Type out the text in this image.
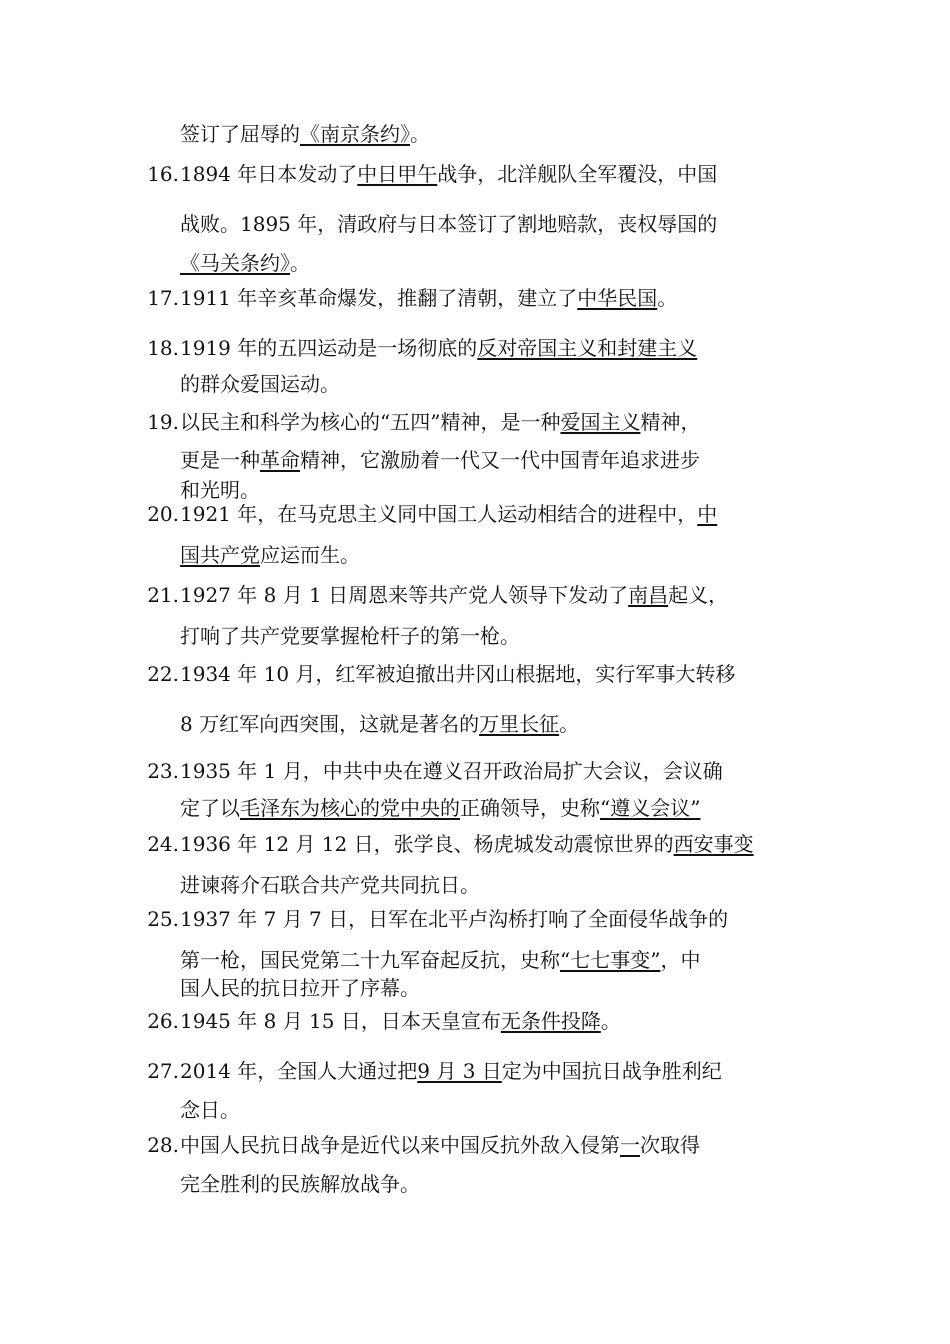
签订了屈辱的《南京条约》。
16. 1894 年日本发动了中日甲午战争，北洋舰队全军覆没，中国
战败。1895 年，清政府与日本签订了割地赔款，丧权辱国的
《马关条约》。
17. 1911 年辛亥革命爆发，推翻了清朝，建立了中华民国。
18. 1919 年的五四运动是一场彻底的反对帝国主义和封建主义
的群众爱国运动。
19. 以民主和科学为核心的“五四”精神，是一种爱国主义精神，
更是一种革命精神，它激励着一代又一代中国青年追求进步
和光明。
20. 1921 年，在马克思主义同中国工人运动相结合的进程中，中
国共产党应运而生。
21. 1927 年 8 月 1 日周恩来等共产党人领导下发动了南昌起义，
打响了共产党要掌握枪杆子的第一枪。
22. 1934 年 10 月，红军被迫撤出井冈山根据地，实行军事大转移
8 万红军向西突围，这就是著名的万里长征。
23. 1935 年 1 月，中共中央在遵义召开政治局扩大会议，会议确
定了以毛泽东为核心的党中央的正确领导，史称“遵义会议”
24. 1936 年 12 月 12 日，张学良、杨虎城发动震惊世界的西安事变
进谏蒋介石联合共产党共同抗日。
25. 1937 年 7 月 7 日，日军在北平卢沟桥打响了全面侵华战争的
第一枪，国民党第二十九军奋起反抗，史称“七七事变”，中
国人民的抗日拉开了序幕。
26. 1945 年 8 月 15 日，日本天皇宣布无条件投降。
27. 2014 年，全国人大通过把9 月 3 日定为中国抗日战争胜利纪
念日。
28. 中国人民抗日战争是近代以来中国反抗外敌入侵第一次取得
完全胜利的民族解放战争。
